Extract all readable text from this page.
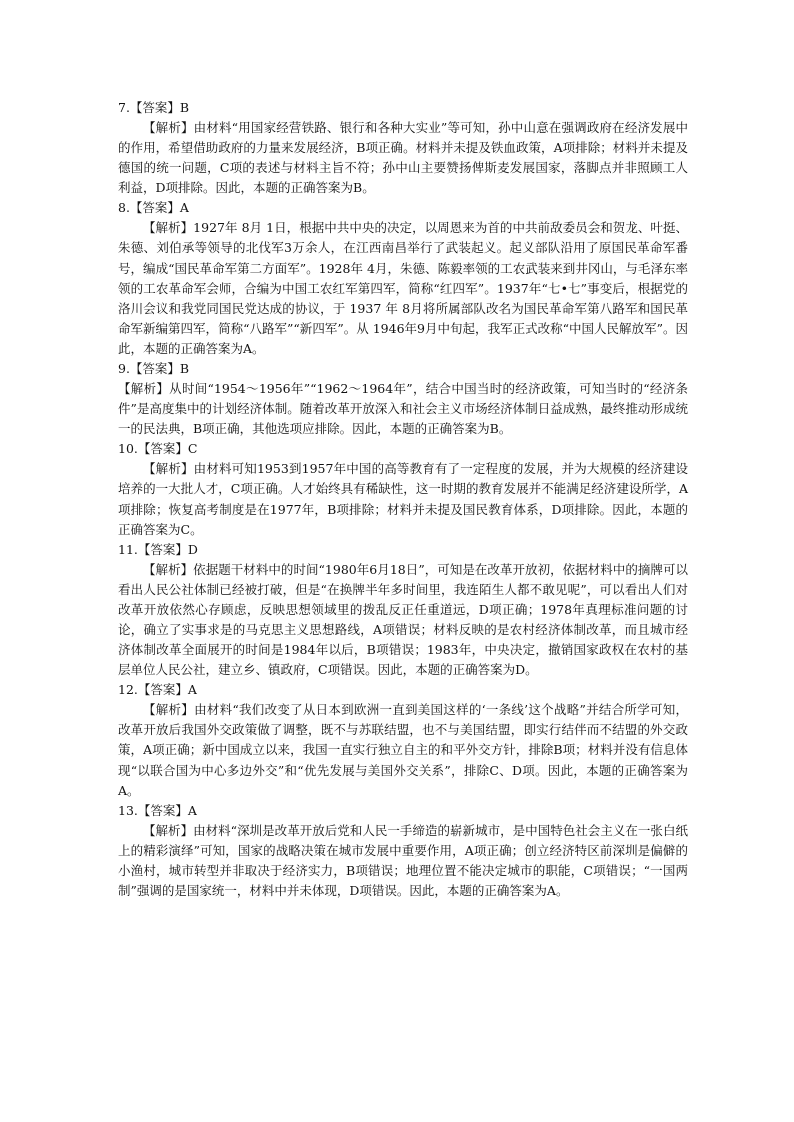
7.【答案】B

【解析】由材料“用国家经营铁路、银行和各种大实业”等可知，孙中山意在强调政府在经济发展中的作用，希望借助政府的力量来发展经济，B项正确。材料并未提及铁血政策，A项排除；材料并未提及德国的统一问题，C项的表述与材料主旨不符；孙中山主要赞扬俾斯麦发展国家，落脚点并非照顾工人利益，D项排除。因此，本题的正确答案为B。

8.【答案】A

【解析】1927年 8月 1日，根据中共中央的决定，以周恩来为首的中共前敌委员会和贺龙、叶挺、朱德、刘伯承等领导的北伐军3万余人，在江西南昌举行了武装起义。起义部队沿用了原国民革命军番号，编成“国民革命军第二方面军”。1928年 4月，朱德、陈毅率领的工农武装来到井冈山，与毛泽东率领的工农革命军会师，合编为中国工农红军第四军，简称“红四军”。1937年“七•七”事变后，根据党的洛川会议和我党同国民党达成的协议，于 1937 年 8月将所属部队改名为国民革命军第八路军和国民革命军新编第四军，简称“八路军”“新四军”。从 1946年9月中旬起，我军正式改称“中国人民解放军”。因此，本题的正确答案为A。

9.【答案】B

【解析】从时间“1954～1956年”“1962～1964年”，结合中国当时的经济政策，可知当时的“经济条件”是高度集中的计划经济体制。随着改革开放深入和社会主义市场经济体制日益成熟，最终推动形成统一的民法典，B项正确，其他选项应排除。因此，本题的正确答案为B。

10.【答案】C

【解析】由材料可知1953到1957年中国的高等教育有了一定程度的发展，并为大规模的经济建设培养的一大批人才，C项正确。人才始终具有稀缺性，这一时期的教育发展并不能满足经济建设所学，A项排除；恢复高考制度是在1977年，B项排除；材料并未提及国民教育体系，D项排除。因此，本题的正确答案为C。

11.【答案】D

【解析】依据题干材料中的时间“1980年6月18日”，可知是在改革开放初，依据材料中的摘牌可以看出人民公社体制已经被打破，但是“在换牌半年多时间里，我连陌生人都不敢见呢”，可以看出人们对改革开放依然心存顾虑，反映思想领域里的拨乱反正任重道远，D项正确；1978年真理标准问题的讨论，确立了实事求是的马克思主义思想路线，A项错误；材料反映的是农村经济体制改革，而且城市经济体制改革全面展开的时间是1984年以后，B项错误；1983年，中央决定，撤销国家政权在农村的基层单位人民公社，建立乡、镇政府，C项错误。因此，本题的正确答案为D。

12.【答案】A

【解析】由材料“我们改变了从日本到欧洲一直到美国这样的‘一条线’这个战略”并结合所学可知，改革开放后我国外交政策做了调整，既不与苏联结盟，也不与美国结盟，即实行结伴而不结盟的外交政策，A项正确；新中国成立以来，我国一直实行独立自主的和平外交方针，排除B项；材料并没有信息体现“以联合国为中心多边外交”和“优先发展与美国外交关系”，排除C、D项。因此，本题的正确答案为A。

13.【答案】A

【解析】由材料“深圳是改革开放后党和人民一手缔造的崭新城市，是中国特色社会主义在一张白纸上的精彩演绎”可知，国家的战略决策在城市发展中重要作用，A项正确；创立经济特区前深圳是偏僻的小渔村，城市转型并非取决于经济实力，B项错误；地理位置不能决定城市的职能，C项错误；“一国两制”强调的是国家统一，材料中并未体现，D项错误。因此，本题的正确答案为A。
